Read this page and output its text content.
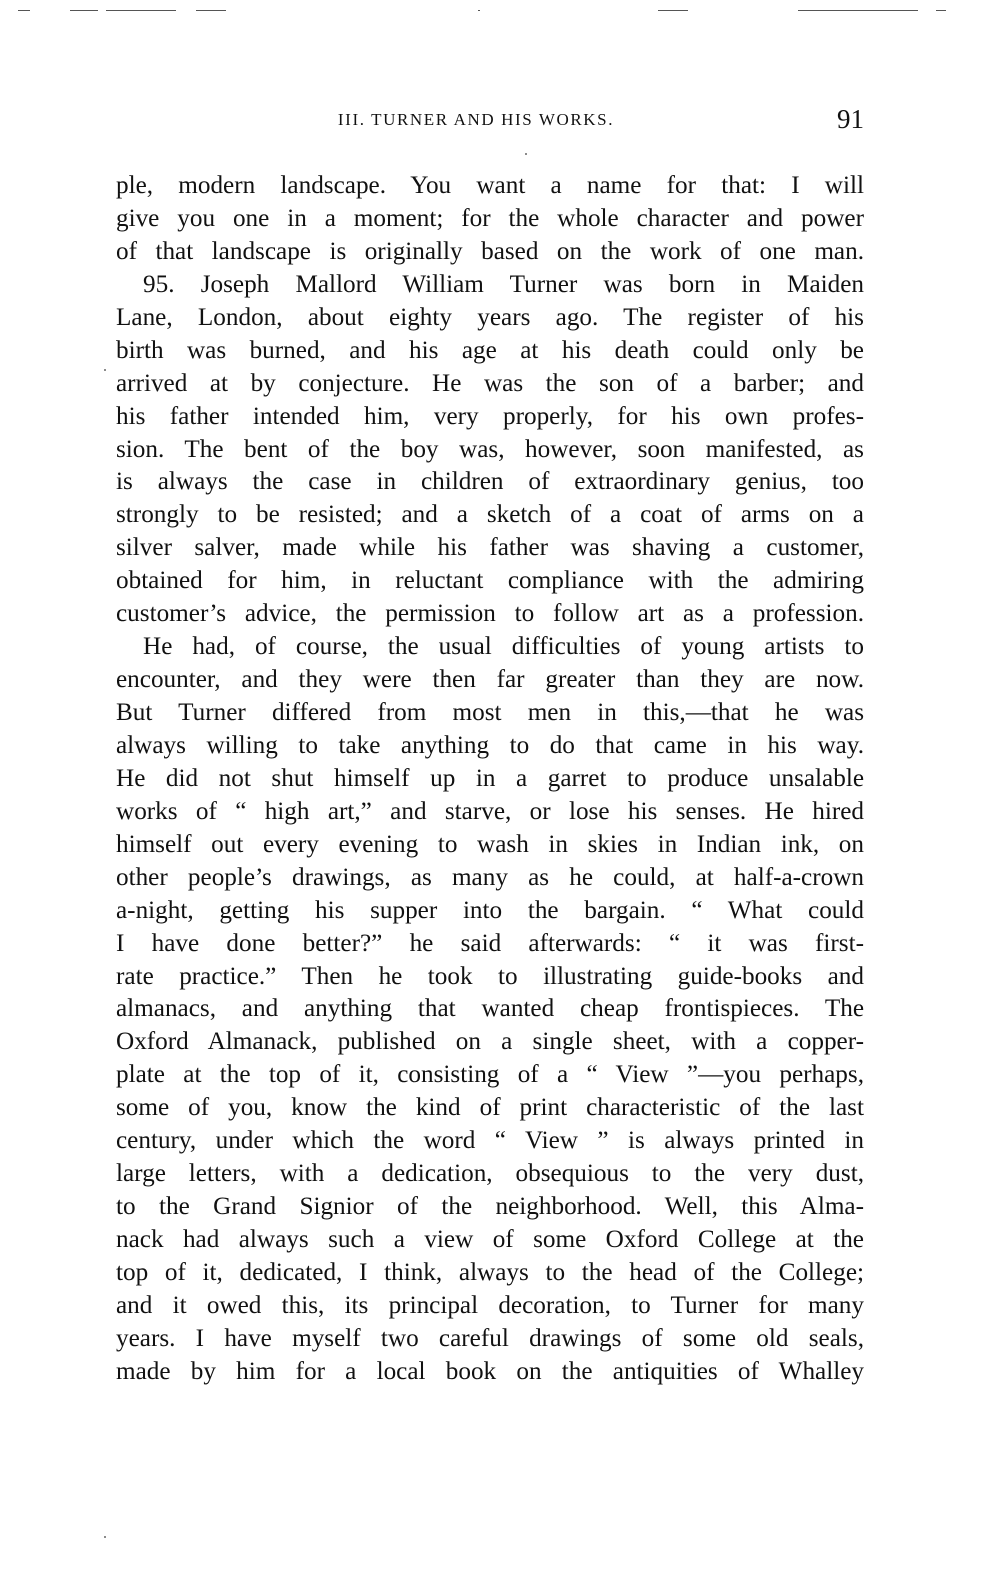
III. TURNER AND HIS WORKS.	91
ple, modern landscape. You want a name for that: I will
give you one in a moment; for the whole character and power
of that landscape is originally based on the work of one man.
95. Joseph Mallord William Turner was born in Maiden
Lane, London, about eighty years ago. The register of his
birth was burned, and his age at his death could only be
arrived at by conjecture. He was the son of a barber; and
his father intended him, very properly, for his own profes-
sion. The bent of the boy was, however, soon manifested, as
is always the case in children of extraordinary genius, too
strongly to be resisted; and a sketch of a coat of arms on a
silver salver, made while his father was shaving a customer,
obtained for him, in reluctant compliance with the admiring
customer’s advice, the permission to follow art as a profession.
He had, of course, the usual difficulties of young artists to
encounter, and they were then far greater than they are now.
But Turner differed from most men in this,—that he was
always willing to take anything to do that came in his way.
He did not shut himself up in a garret to produce unsalable
works of “ high art,” and starve, or lose his senses. He hired
himself out every evening to wash in skies in Indian ink, on
other people’s drawings, as many as he could, at half-a-crown
a-night, getting his supper into the bargain. “ What could
I have done better?” he said afterwards: “ it was first-
rate practice.” Then he took to illustrating guide-books and
almanacs, and anything that wanted cheap frontispieces. The
Oxford Almanack, published on a single sheet, with a copper-
plate at the top of it, consisting of a “ View ”—you perhaps,
some of you, know the kind of print characteristic of the last
century, under which the word “ View ” is always printed in
large letters, with a dedication, obsequious to the very dust,
to the Grand Signior of the neighborhood. Well, this Alma-
nack had always such a view of some Oxford College at the
top of it, dedicated, I think, always to the head of the College;
and it owed this, its principal decoration, to Turner for many
years. I have myself two careful drawings of some old seals,
made by him for a local book on the antiquities of Whalley
